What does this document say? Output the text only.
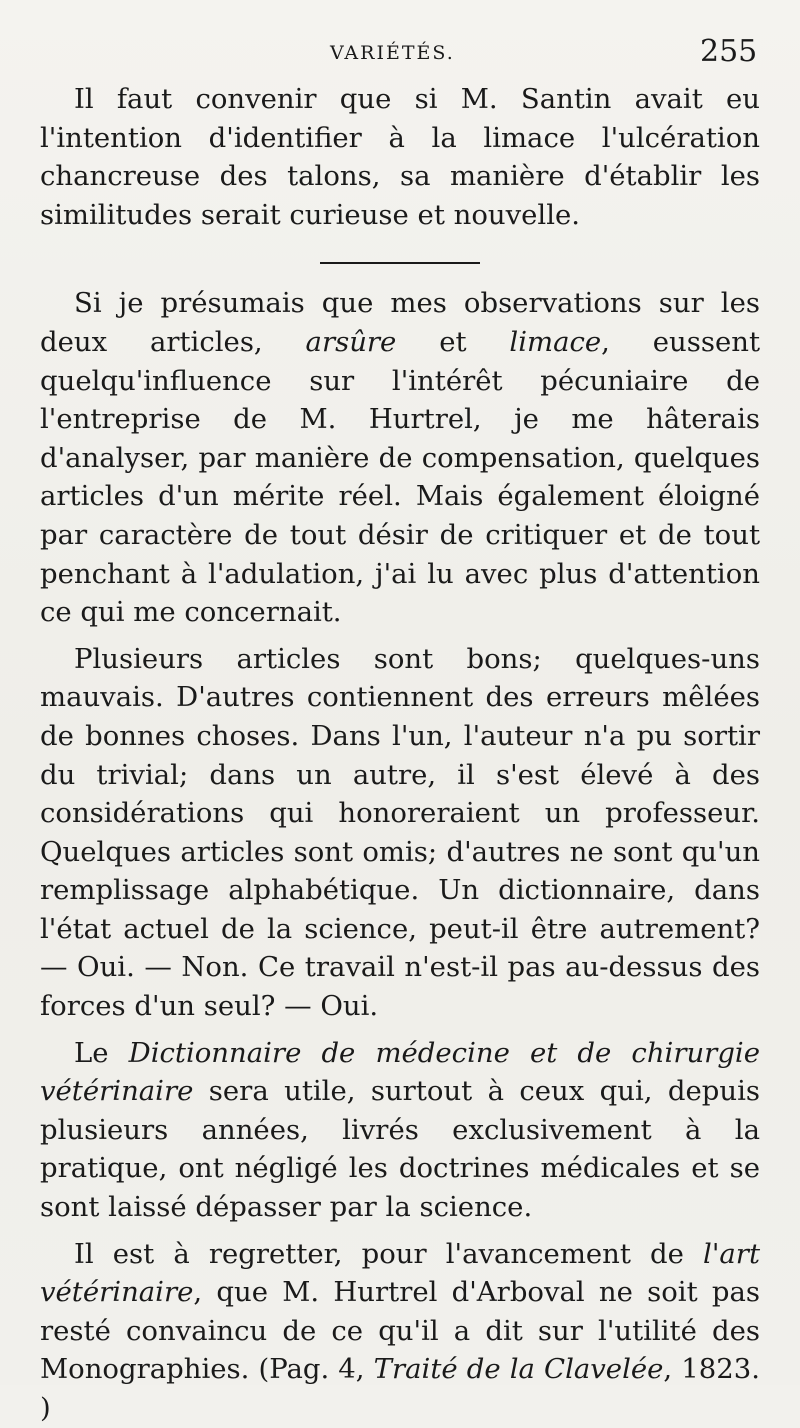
VARIÉTÉS.	255

Il faut convenir que si M. Santin avait eu l'intention d'identifier à la limace l'ulcération chancreuse des talons, sa manière d'établir les similitudes serait curieuse et nouvelle.

Si je présumais que mes observations sur les deux articles, arsûre et limace, eussent quelqu'influence sur l'intérêt pécuniaire de l'entreprise de M. Hurtrel, je me hâterais d'analyser, par manière de compensation, quelques articles d'un mérite réel. Mais également éloigné par caractère de tout désir de critiquer et de tout penchant à l'adulation, j'ai lu avec plus d'attention ce qui me concernait.

Plusieurs articles sont bons; quelques-uns mauvais. D'autres contiennent des erreurs mêlées de bonnes choses. Dans l'un, l'auteur n'a pu sortir du trivial; dans un autre, il s'est élevé à des considérations qui honoreraient un professeur. Quelques articles sont omis; d'autres ne sont qu'un remplissage alphabétique. Un dictionnaire, dans l'état actuel de la science, peut-il être autrement? — Oui. — Non. Ce travail n'est-il pas au-dessus des forces d'un seul? — Oui.

Le Dictionnaire de médecine et de chirurgie vétérinaire sera utile, surtout à ceux qui, depuis plusieurs années, livrés exclusivement à la pratique, ont négligé les doctrines médicales et se sont laissé dépasser par la science.

Il est à regretter, pour l'avancement de l'art vétérinaire, que M. Hurtrel d'Arboval ne soit pas resté convaincu de ce qu'il a dit sur l'utilité des Monographies. (Pag. 4, Traité de la Clavelée, 1823. )
